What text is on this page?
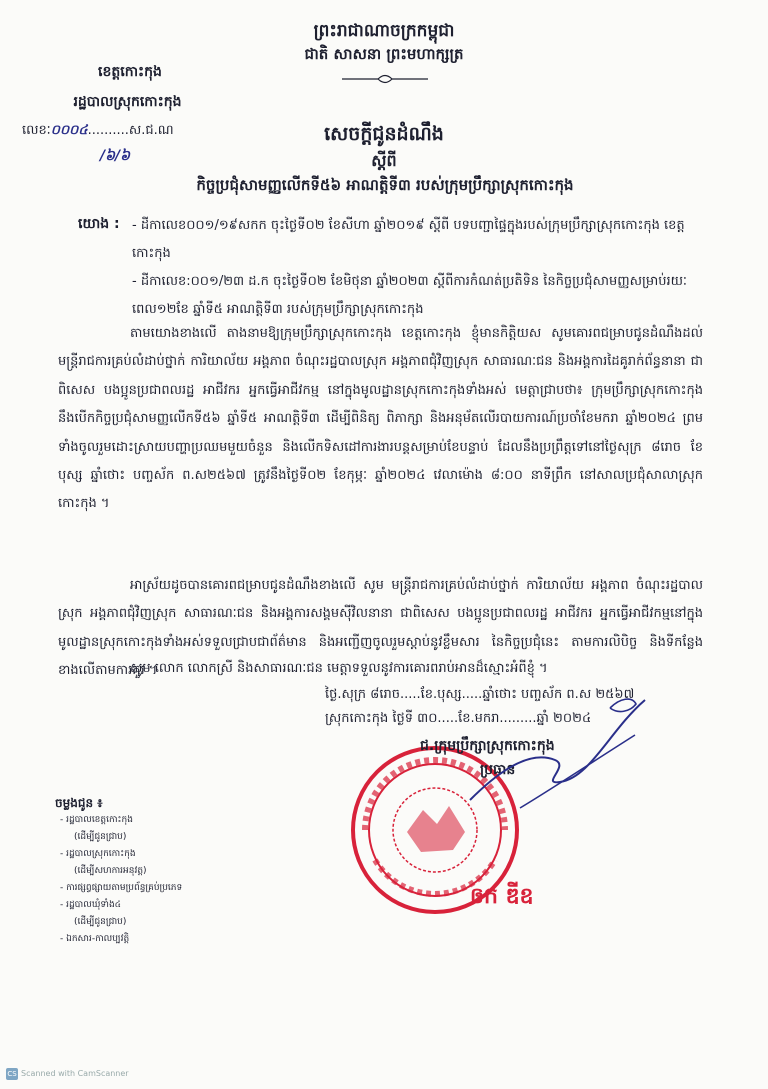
ព្រះរាជាណាចក្រកម្ពុជា
ជាតិ សាសនា ព្រះមហាក្សត្រ
ខេត្តកោះកុង
រដ្ឋបាលស្រុកកោះកុង
លេខៈ០០០៤..........ស.ជ.ណ
/៦/៦
សេចក្តីជូនដំណឹង
ស្តីពី
កិច្ចប្រជុំសាមញ្ញលើកទី៥៦ អាណត្តិទី៣ របស់ក្រុមប្រឹក្សាស្រុកកោះកុង
យោង : - ដីកាលេខ០០១/១៩សកក ចុះថ្ងៃទី០២ ខែសីហា ឆ្នាំ២០១៩ ស្តីពី បទបញ្ជាផ្ទៃក្នុងរបស់ក្រុមប្រឹក្សាស្រុកកោះកុង ខេត្តកោះកុង
- ដីកាលេខ:០០១/២៣ ដ.ក ចុះថ្ងៃទី០២ ខែមិថុនា ឆ្នាំ២០២៣ ស្តីពីការកំណត់ប្រតិទិន នៃកិច្ចប្រជុំសាមញ្ញសម្រាប់រយៈពេល១២ខែ ឆ្នាំទី៥ អាណត្តិទី៣ របស់ក្រុមប្រឹក្សាស្រុកកោះកុង
តាមយោងខាងលើ តាងនាមឱ្យក្រុមប្រឹក្សាស្រុកកោះកុង ខេត្តកោះកុង ខ្ញុំមានកិត្តិយស សូមគោរពជម្រាបជូនដំណឹងដល់ មន្ត្រីរាជការគ្រប់លំដាប់ថ្នាក់ ការិយាល័យ អង្គភាព ចំណុះរដ្ឋបាលស្រុក អង្គភាពជុំវិញស្រុក សាធារណៈជន និងអង្គការដៃគូរាក់ព័ន្ធនានា ជាពិសេស បងប្អូនប្រជាពលរដ្ឋ អាជីវករ អ្នកធ្វើអាជីវកម្ម នៅក្នុងមូលដ្ឋានស្រុកកោះកុងទាំងអស់ មេត្តាជ្រាបថា៖ ក្រុមប្រឹក្សាស្រុកកោះកុង នឹងបើកកិច្ចប្រជុំសាមញ្ញលើកទី៥៦ ឆ្នាំទី៥ អាណត្តិទី៣ ដើម្បីពិនិត្យ ពិភាក្សា និងអនុម័តលើរបាយការណ៍ប្រចាំខែមករា ឆ្នាំ២០២៤ ព្រមទាំងចូលរួមដោះស្រាយបញ្ហាប្រឈមមួយចំនួន និងលើកទិសដៅការងារបន្តសម្រាប់ខែបន្ទាប់ ដែលនឹងប្រព្រឹត្តទៅនៅថ្ងៃសុក្រ ៨រោច ខែបុស្ស ឆ្នាំថោះ បញ្ចស័ក ព.ស២៥៦៧ ត្រូវនឹងថ្ងៃទី០២ ខែកុម្ភៈ ឆ្នាំ២០២៤ វេលាម៉ោង ៨:០០ នាទីព្រឹក នៅសាលប្រជុំសាលាស្រុកកោះកុង ។
អាស្រ័យដូចបានគោរពជម្រាបជូនដំណឹងខាងលើ សូម មន្ត្រីរាជការគ្រប់លំដាប់ថ្នាក់ ការិយាល័យ អង្គភាព ចំណុះរដ្ឋបាលស្រុក អង្គភាពជុំវិញស្រុក សាធារណៈជន និងអង្គការសង្គមស៊ីវិលនានា ជាពិសេស បងប្អូនប្រជាពលរដ្ឋ អាជីវករ អ្នកធ្វើអាជីវកម្មនៅក្នុងមូលដ្ឋានស្រុកកោះកុងទាំងអស់ទទួលជ្រាបជាព័ត៌មាន និងអញ្ជើញចូលរួមស្តាប់នូវខ្លឹមសារ នៃកិច្ចប្រជុំនេះ តាមការលិបិច្ច និងទីកន្លែងខាងលើតាមការគួរ ។
សូម លោក លោកស្រី និងសាធារណៈជន មេត្តាទទួលនូវការគោរពរាប់អានដ៏ស្មោះអំពីខ្ញុំ ។
ថ្ងៃ.សុក្រ ៨រោច.....ខែ.បុស្ស.....ឆ្នាំថោះ បញ្ចស័ក ព.ស ២៥៦៧
ស្រុកកោះកុង ថ្ងៃទី ៣០.....ខែ.មករា.........ឆ្នាំ ២០២៤
ជ.ក្រុមប្រឹក្សាស្រុកកោះកុង
ប្រធាន
ឲក ឌីឧ
ចម្លងជូន ៖
- រដ្ឋបាលខេត្តកោះកុង
(ដើម្បីជូនជ្រាប)
- រដ្ឋបាលស្រុកកោះកុង
(ដើម្បីសហការអនុវត្ត)
- ការផ្សព្វផ្សាយតាមប្រព័ន្ធគ្រប់ប្រភេទ
- រដ្ឋបាលឃុំទាំង៤
(ដើម្បីជូនជ្រាប)
- ឯកសារ-កាលប្បវត្តិ
CS Scanned with CamScanner
